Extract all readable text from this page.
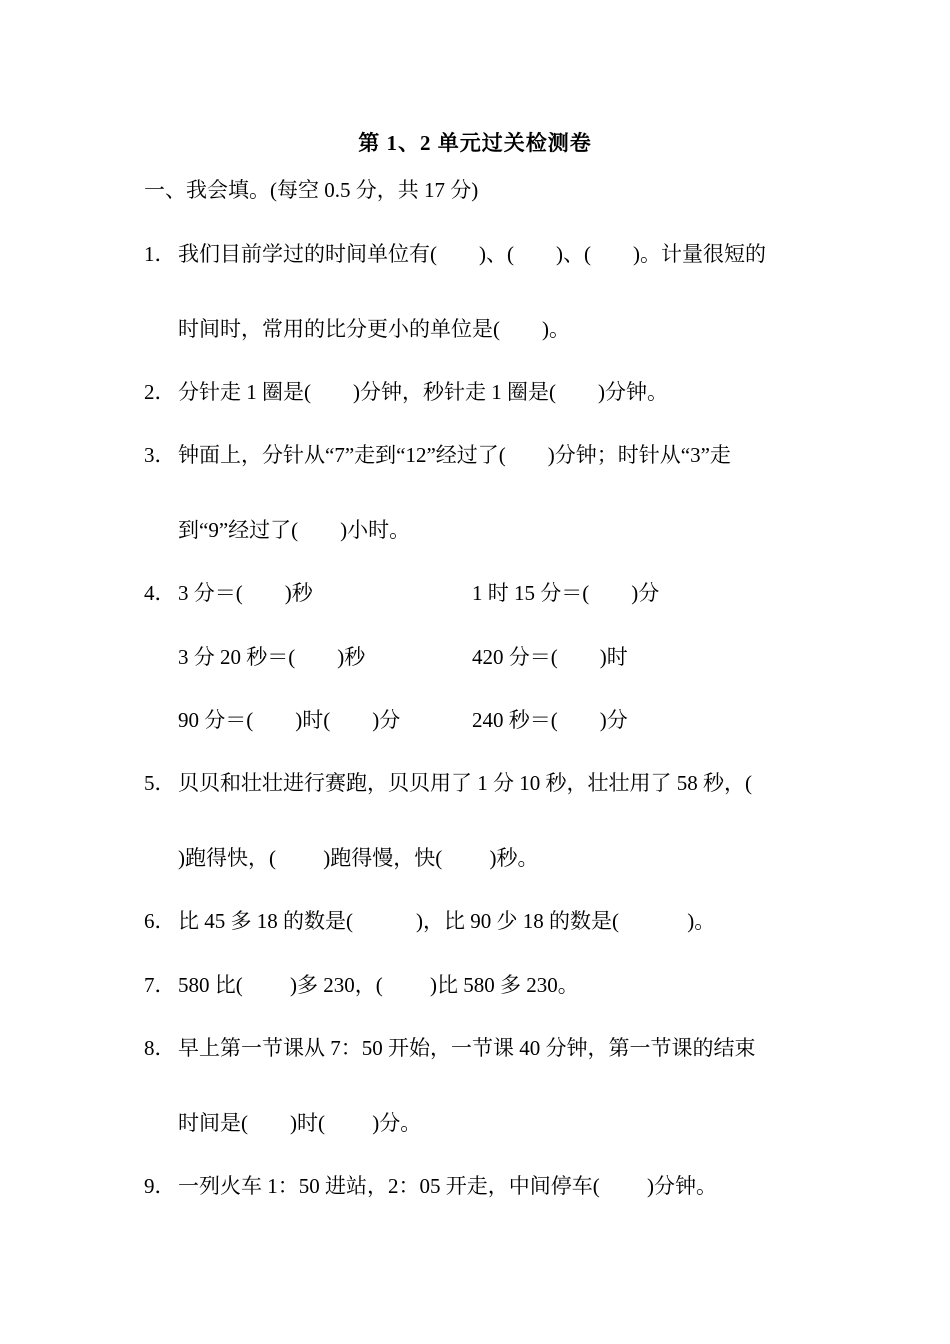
第 1、2 单元过关检测卷
一、我会填。(每空 0.5 分，共 17 分)
1． 我们目前学过的时间单位有(　　)、(　　)、(　　)。计量很短的
时间时，常用的比分更小的单位是(　　)。
2． 分针走 1 圈是(　　)分钟，秒针走 1 圈是(　　)分钟。
3． 钟面上，分针从“7”走到“12”经过了(　　)分钟；时针从“3”走
到“9”经过了(　　)小时。
4． 3 分＝(　　)秒	1 时 15 分＝(　　)分
3 分 20 秒＝(　　)秒	420 分＝(　　)时
90 分＝(　　)时(　　)分	240 秒＝(　　)分
5． 贝贝和壮壮进行赛跑，贝贝用了 1 分 10 秒，壮壮用了 58 秒，(
)跑得快，(　　 )跑得慢，快(　　 )秒。
6． 比 45 多 18 的数是(　　　)，比 90 少 18 的数是(　　　 )。
7． 580 比(　　 )多 230，(　　 )比 580 多 230。
8． 早上第一节课从 7：50 开始，一节课 40 分钟，第一节课的结束
时间是(　　)时(　　 )分。
9． 一列火车 1：50 进站，2：05 开走，中间停车(　　 )分钟。
